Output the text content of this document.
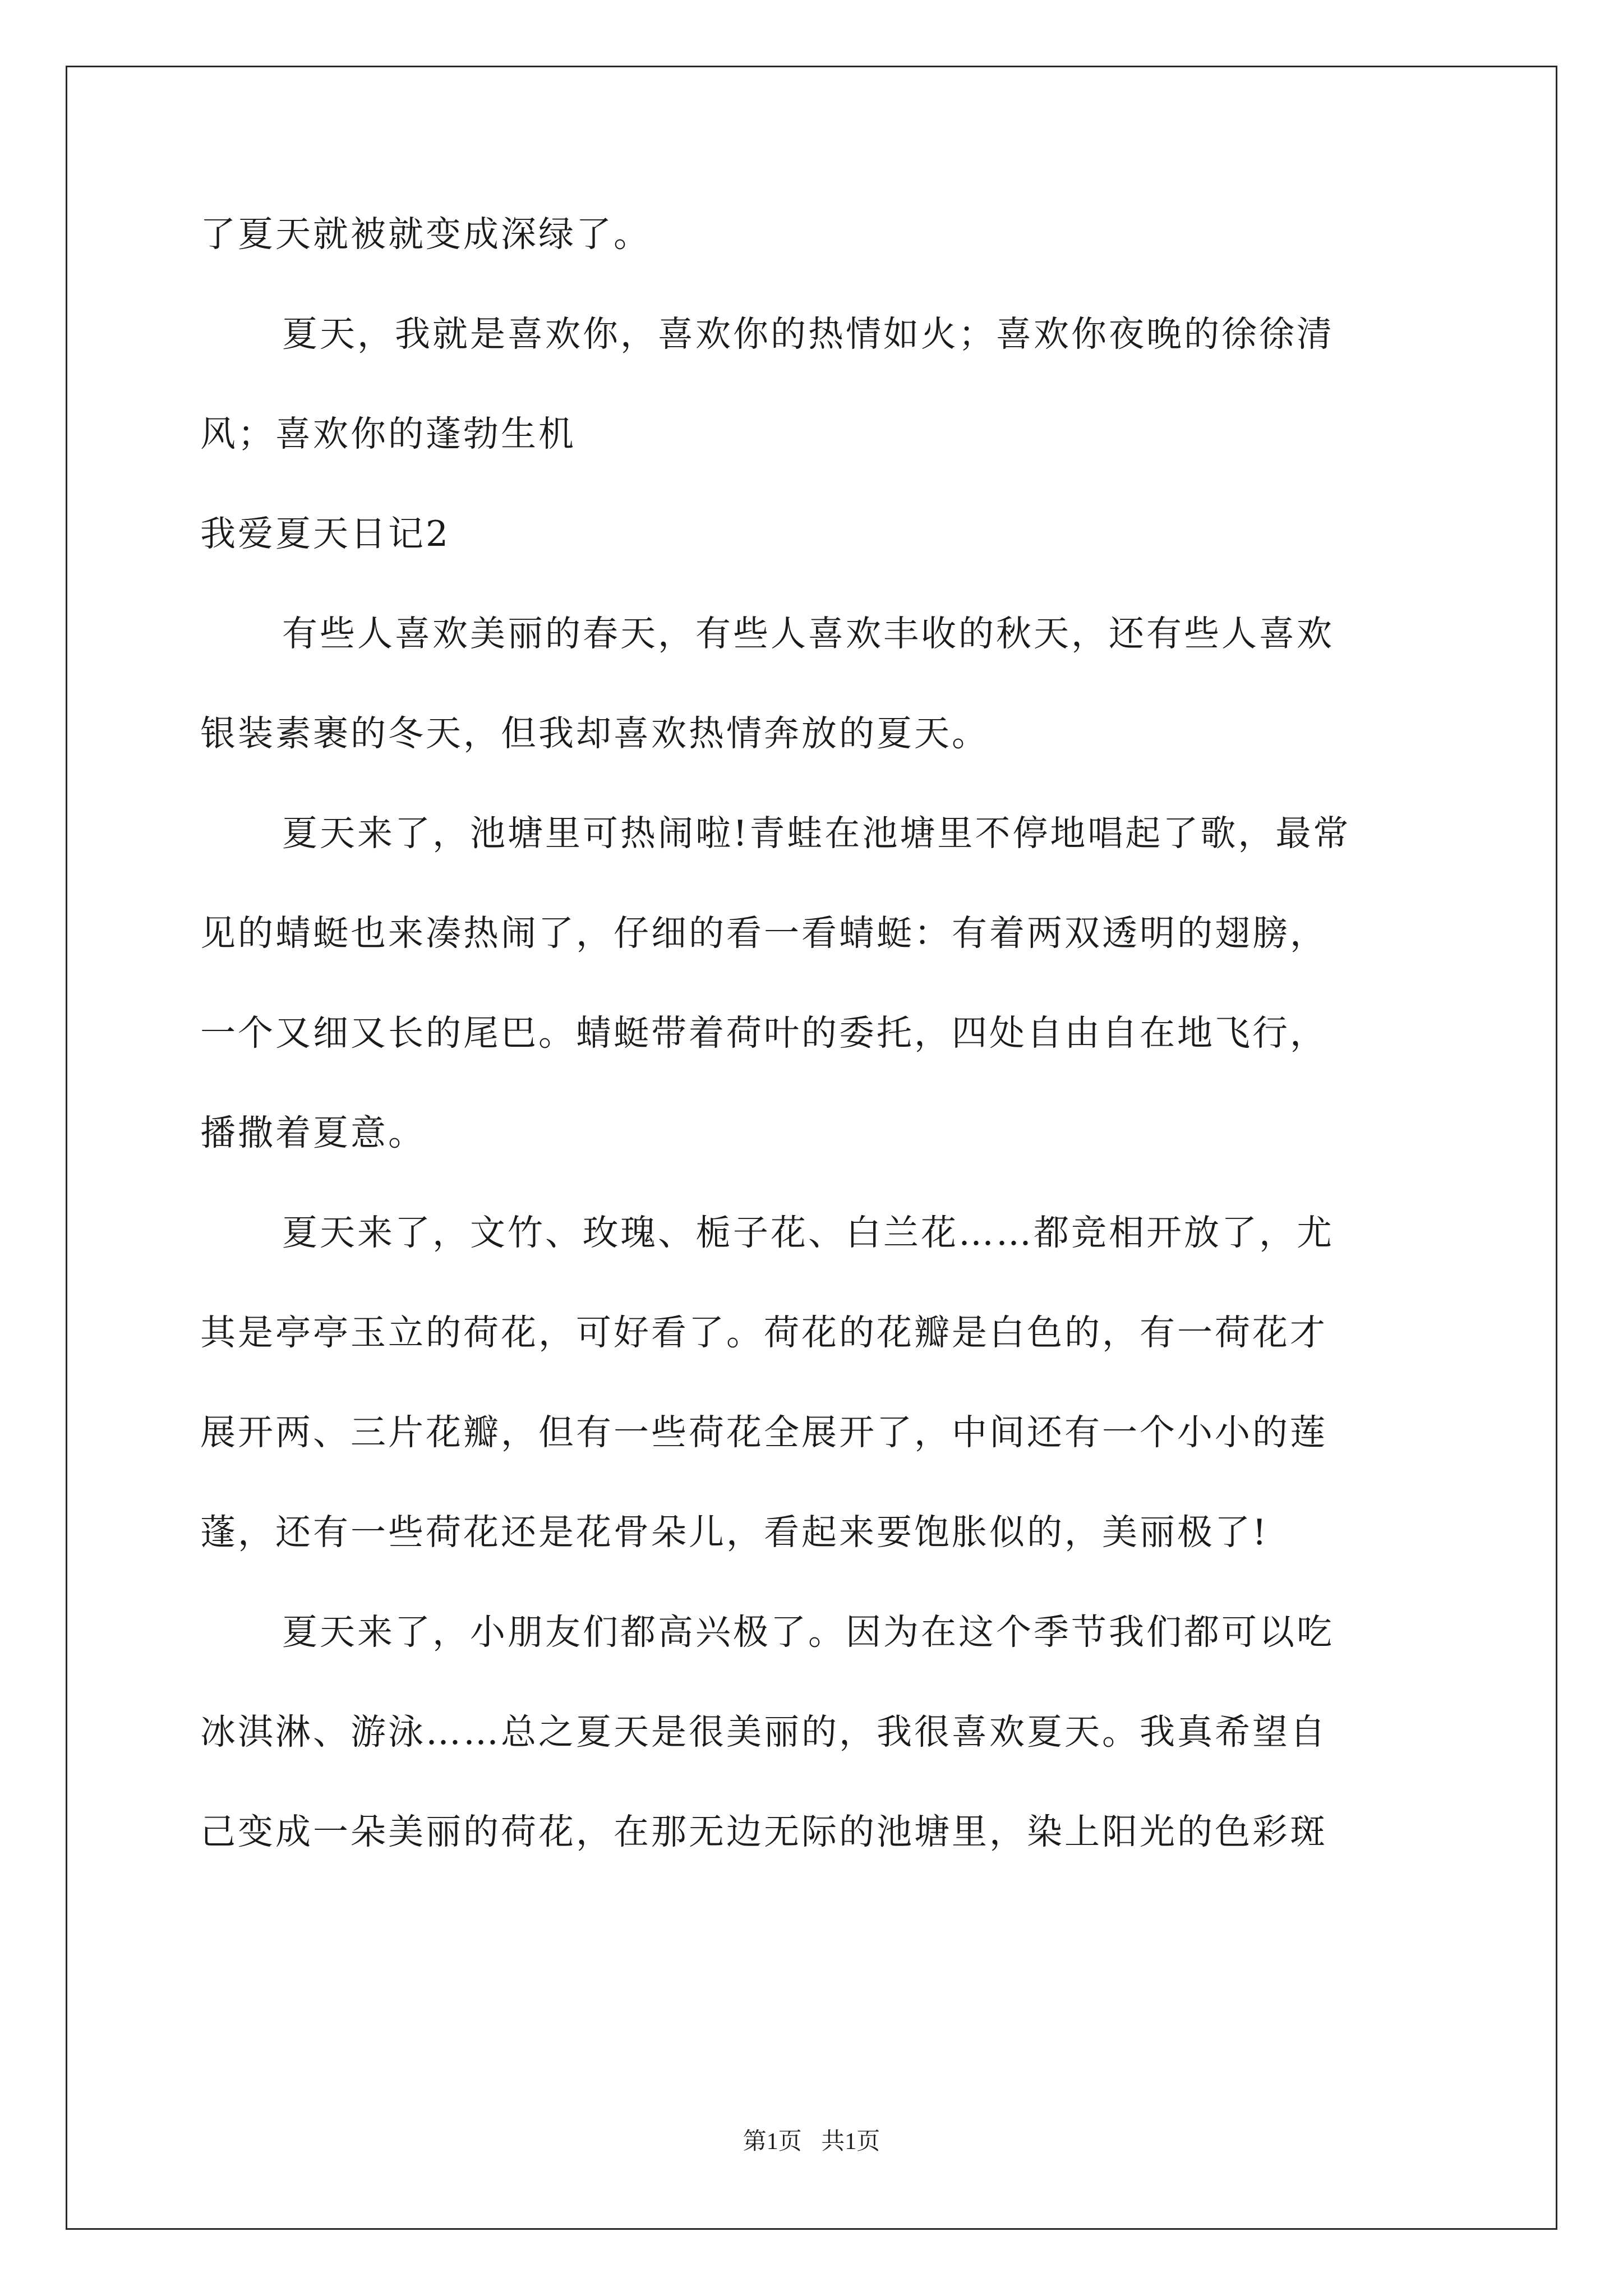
了夏天就被就变成深绿了。
夏天，我就是喜欢你，喜欢你的热情如火；喜欢你夜晚的徐徐清
风；喜欢你的蓬勃生机
我爱夏天日记2
有些人喜欢美丽的春天，有些人喜欢丰收的秋天，还有些人喜欢
银装素裹的冬天，但我却喜欢热情奔放的夏天。
夏天来了，池塘里可热闹啦!青蛙在池塘里不停地唱起了歌，最常
见的蜻蜓也来凑热闹了，仔细的看一看蜻蜓：有着两双透明的翅膀，
一个又细又长的尾巴。蜻蜓带着荷叶的委托，四处自由自在地飞行，
播撒着夏意。
夏天来了，文竹、玫瑰、栀子花、白兰花……都竞相开放了，尤
其是亭亭玉立的荷花，可好看了。荷花的花瓣是白色的，有一荷花才
展开两、三片花瓣，但有一些荷花全展开了，中间还有一个小小的莲
蓬，还有一些荷花还是花骨朵儿，看起来要饱胀似的，美丽极了!
夏天来了，小朋友们都高兴极了。因为在这个季节我们都可以吃
冰淇淋、游泳……总之夏天是很美丽的，我很喜欢夏天。我真希望自
己变成一朵美丽的荷花，在那无边无际的池塘里，染上阳光的色彩斑
第1页 共1页
